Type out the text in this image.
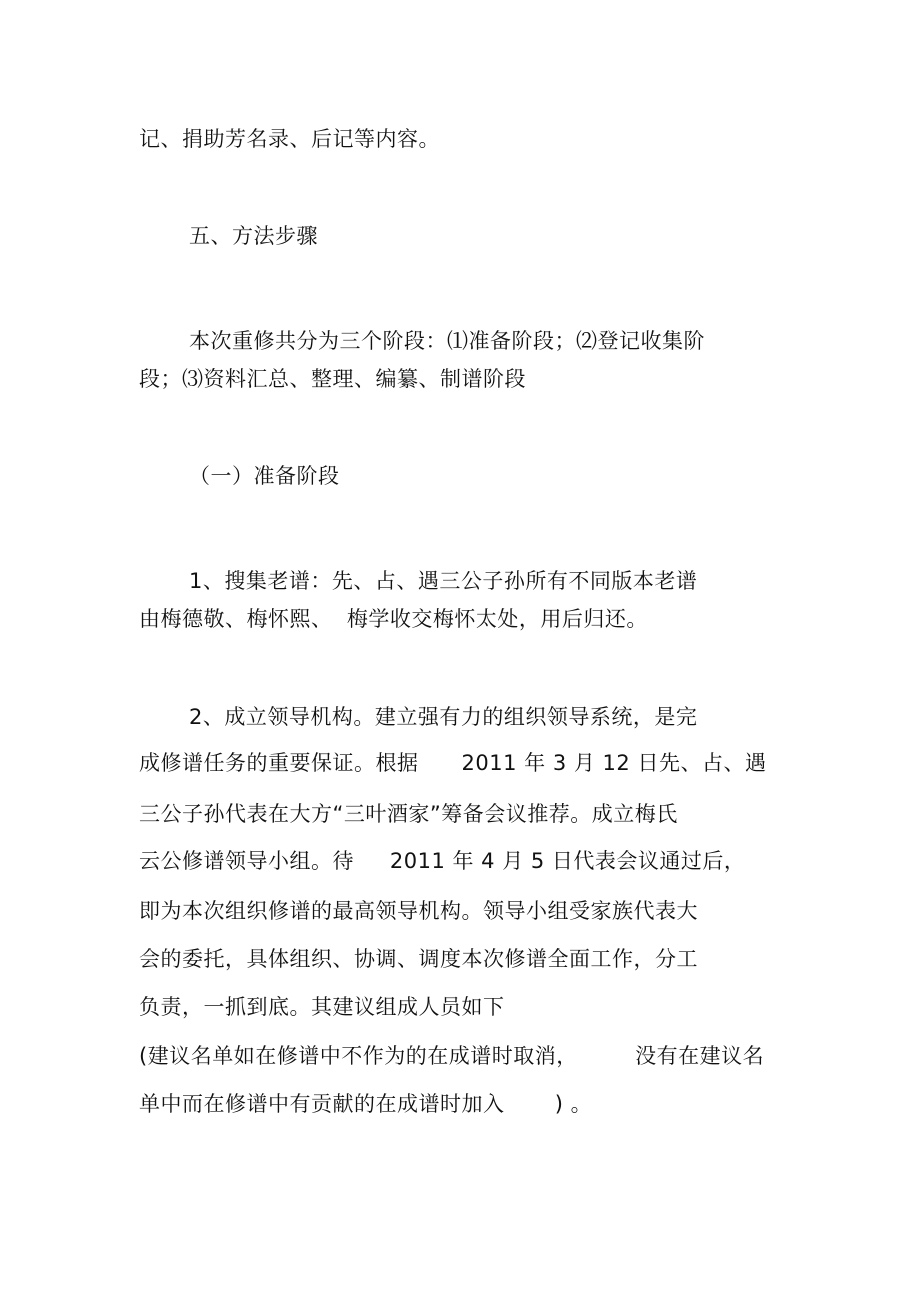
记、捐助芳名录、后记等内容。
五、方法步骤
本次重修共分为三个阶段：⑴准备阶段；⑵登记收集阶
段；⑶资料汇总、整理、编纂、制谱阶段
（一）准备阶段
1、搜集老谱：先、占、遇三公子孙所有不同版本老谱
由梅德敬、梅怀熙、  梅学收交梅怀太处，用后归还。
2、成立领导机构。建立强有力的组织领导系统，是完
成修谱任务的重要保证。根据      2011 年 3 月 12 日先、占、遇
三公子孙代表在大方“三叶酒家”筹备会议推荐。成立梅氏
云公修谱领导小组。待     2011 年 4 月 5 日代表会议通过后，
即为本次组织修谱的最高领导机构。领导小组受家族代表大
会的委托，具体组织、协调、调度本次修谱全面工作，分工
负责，一抓到底。其建议组成人员如下
(建议名单如在修谱中不作为的在成谱时取消，        没有在建议名
单中而在修谱中有贡献的在成谱时加入       ) 。
